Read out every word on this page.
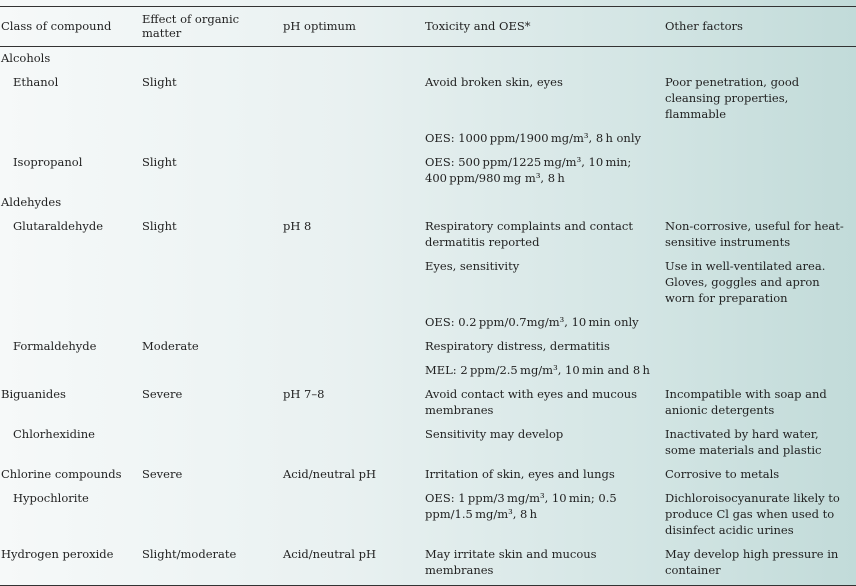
Class of compound	Effect of organic matter	pH optimum	Toxicity and OES*	Other factors
Alcohols				
Ethanol	Slight		Avoid broken skin, eyes	Poor penetration, good cleansing properties, flammable
			OES: 1000 ppm/1900 mg/m³, 8 h only	
Isopropanol	Slight		OES: 500 ppm/1225 mg/m³, 10 min; 400 ppm/980 mg m³, 8 h	
Aldehydes				
Glutaraldehyde	Slight	pH 8	Respiratory complaints and contact dermatitis reported	Non-corrosive, useful for heat- sensitive instruments
			Eyes, sensitivity	Use in well-ventilated area. Gloves, goggles and apron worn for preparation
			OES: 0.2 ppm/0.7mg/m³, 10 min only	
Formaldehyde	Moderate		Respiratory distress, dermatitis	
			MEL: 2 ppm/2.5 mg/m³, 10 min and 8 h	
Biguanides	Severe	pH 7–8	Avoid contact with eyes and mucous membranes	Incompatible with soap and anionic detergents
Chlorhexidine			Sensitivity may develop	Inactivated by hard water, some materials and plastic
Chlorine compounds	Severe	Acid/neutral pH	Irritation of skin, eyes and lungs	Corrosive to metals
Hypochlorite			OES: 1 ppm/3 mg/m³, 10 min; 0.5 ppm/1.5 mg/m³, 8 h	Dichloroisocyanurate likely to produce Cl gas when used to disinfect acidic urines
Hydrogen peroxide	Slight/moderate	Acid/neutral pH	May irritate skin and mucous membranes	May develop high pressure in container
